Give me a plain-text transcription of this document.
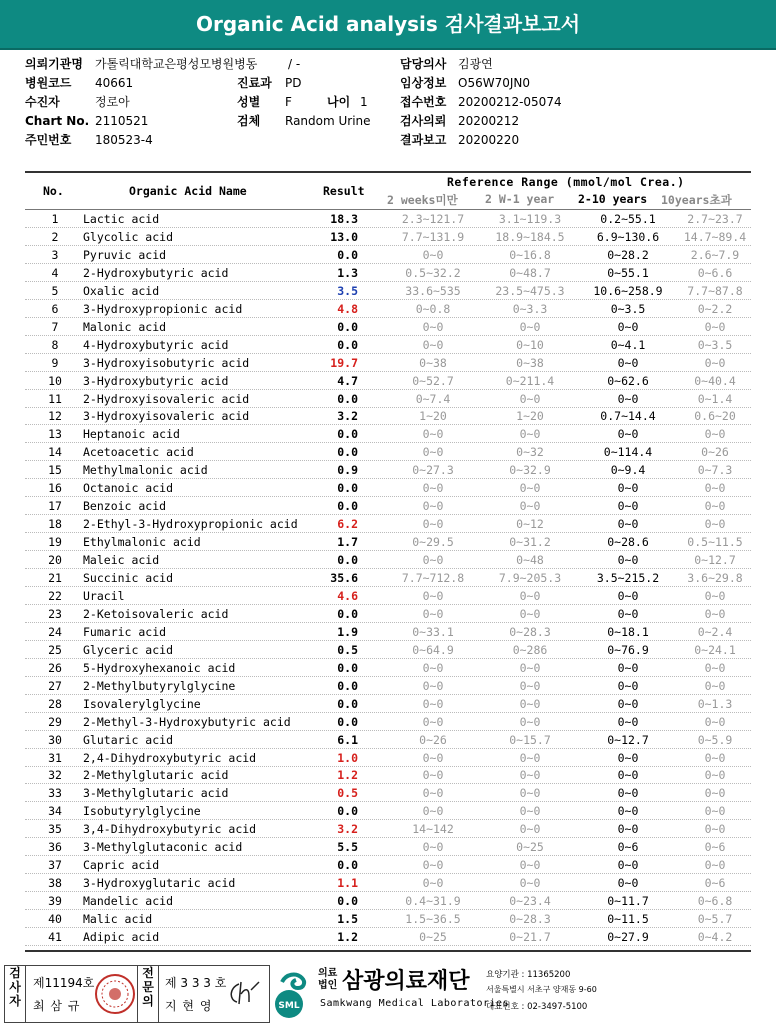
Organic Acid analysis 검사결과보고서
의뢰기관명 가톨릭대학교은평성모병원병동	/ -	담당의사 김광연
병원코드 40661	진료과 PD	임상정보 O56W70JN0
수진자	정로아	성별 F	나이 1	접수번호 20200212-05074
Chart No. 2110521	검체 Random Urine 검사의뢰 20200212
주민번호 180523-4	결과보고 20200220
No.	Organic Acid Name	Result
Reference Range (mmol/mol Crea.)
2 weeks미만 2 W-1 year 2-10 years 10years초과
1	Lactic acid	18.3	2.3~121.7	3.1~119.3	0.2~55.1	2.7~23.7
2	Glycolic acid	13.0	7.7~131.9	18.9~184.5	6.9~130.6	14.7~89.4
3	Pyruvic acid	0.0	0~0	0~16.8	0~28.2	2.6~7.9
4	2-Hydroxybutyric acid	1.3	0.5~32.2	0~48.7	0~55.1	0~6.6
5	Oxalic acid	3.5	33.6~535	23.5~475.3	10.6~258.9	7.7~87.8
6	3-Hydroxypropionic acid	4.8	0~0.8	0~3.3	0~3.5	0~2.2
7	Malonic acid	0.0	0~0	0~0	0~0	0~0
8	4-Hydroxybutyric acid	0.0	0~0	0~10	0~4.1	0~3.5
9	3-Hydroxyisobutyric acid	19.7	0~38	0~38	0~0	0~0
10	3-Hydroxybutyric acid	4.7	0~52.7	0~211.4	0~62.6	0~40.4
11	2-Hydroxyisovaleric acid	0.0	0~7.4	0~0	0~0	0~1.4
12	3-Hydroxyisovaleric acid	3.2	1~20	1~20	0.7~14.4	0.6~20
13	Heptanoic acid	0.0	0~0	0~0	0~0	0~0
14	Acetoacetic acid	0.0	0~0	0~32	0~114.4	0~26
15	Methylmalonic acid	0.9	0~27.3	0~32.9	0~9.4	0~7.3
16	Octanoic acid	0.0	0~0	0~0	0~0	0~0
17	Benzoic acid	0.0	0~0	0~0	0~0	0~0
18	2-Ethyl-3-Hydroxypropionic acid	6.2	0~0	0~12	0~0	0~0
19	Ethylmalonic acid	1.7	0~29.5	0~31.2	0~28.6	0.5~11.5
20	Maleic acid	0.0	0~0	0~48	0~0	0~12.7
21	Succinic acid	35.6	7.7~712.8	7.9~205.3	3.5~215.2	3.6~29.8
22	Uracil	4.6	0~0	0~0	0~0	0~0
23	2-Ketoisovaleric acid	0.0	0~0	0~0	0~0	0~0
24	Fumaric acid	1.9	0~33.1	0~28.3	0~18.1	0~2.4
25	Glyceric acid	0.5	0~64.9	0~286	0~76.9	0~24.1
26	5-Hydroxyhexanoic acid	0.0	0~0	0~0	0~0	0~0
27	2-Methylbutyrylglycine	0.0	0~0	0~0	0~0	0~0
28	Isovalerylglycine	0.0	0~0	0~0	0~0	0~1.3
29	2-Methyl-3-Hydroxybutyric acid	0.0	0~0	0~0	0~0	0~0
30	Glutaric acid	6.1	0~26	0~15.7	0~12.7	0~5.9
31	2,4-Dihydroxybutyric acid	1.0	0~0	0~0	0~0	0~0
32	2-Methylglutaric acid	1.2	0~0	0~0	0~0	0~0
33	3-Methylglutaric acid	0.5	0~0	0~0	0~0	0~0
34	Isobutyrylglycine	0.0	0~0	0~0	0~0	0~0
35	3,4-Dihydroxybutyric acid	3.2	14~142	0~0	0~0	0~0
36	3-Methylglutaconic acid	5.5	0~0	0~25	0~6	0~6
37	Capric acid	0.0	0~0	0~0	0~0	0~0
38	3-Hydroxyglutaric acid	1.1	0~0	0~0	0~0	0~6
39	Mandelic acid	0.0	0.4~31.9	0~23.4	0~11.7	0~6.8
40	Malic acid	1.5	1.5~36.5	0~28.3	0~11.5	0~5.7
41	Adipic acid	1.2	0~25	0~21.7	0~27.9	0~4.2
검사자
제11194호
최 삼 규
전문의
제 3 3 3 호
지 현 영	SML
의료
법인 삼광의료재단
Samkwang Medical Laboratories
요양기관 : 11365200
서울특별시 서초구 양재동 9-60
대표번호 : 02-3497-5100
